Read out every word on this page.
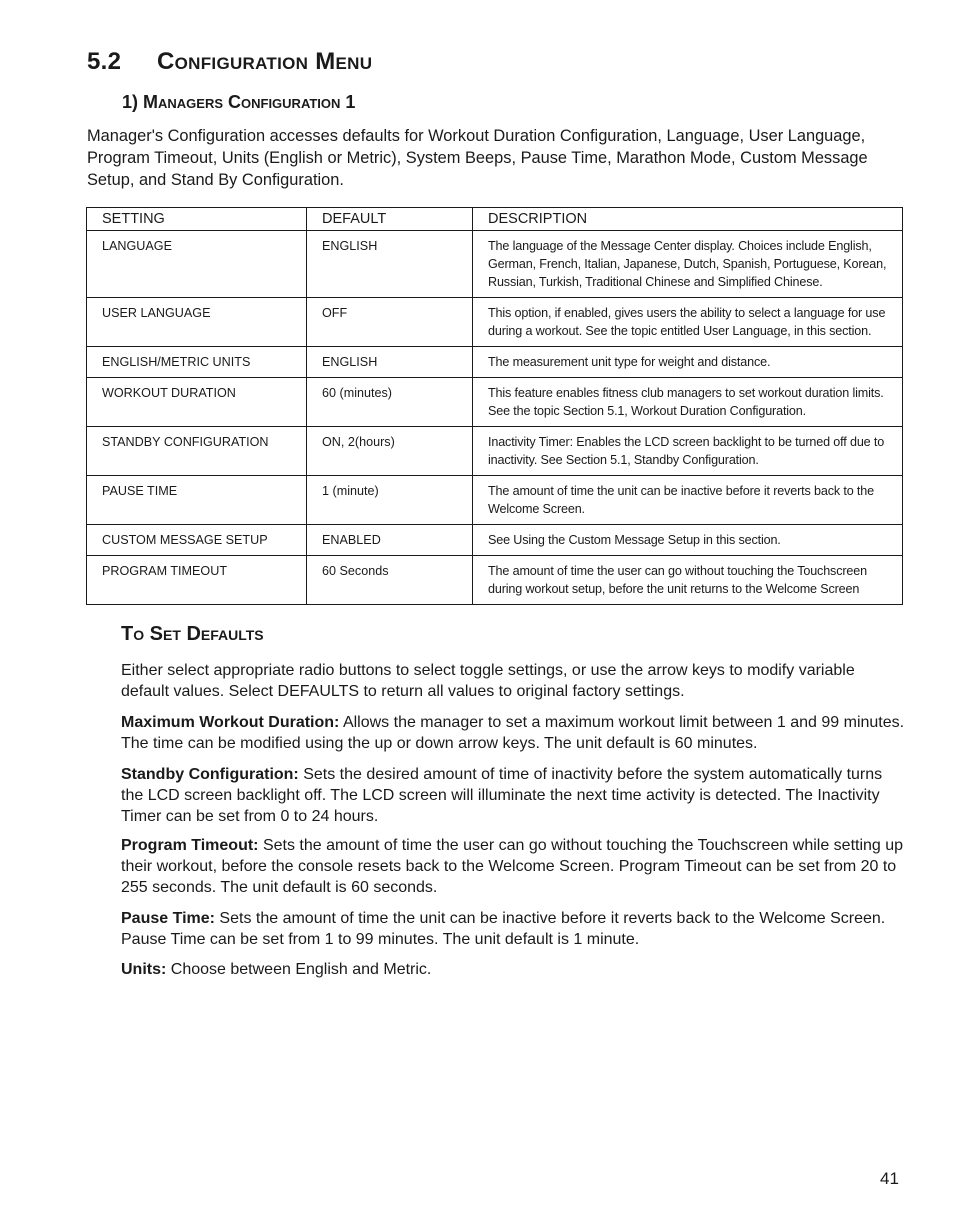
5.2 Configuration Menu
1) Managers Configuration 1

Manager's Configuration accesses defaults for Workout Duration Configuration, Language, User Language, Program Timeout, Units (English or Metric), System Beeps, Pause Time, Marathon Mode, Custom Message Setup, and Stand By Configuration.

SETTING	DEFAULT	DESCRIPTION
LANGUAGE	ENGLISH	The language of the Message Center display. Choices include English, German, French, Italian, Japanese, Dutch, Spanish, Portuguese, Korean, Russian, Turkish, Traditional Chinese and Simplified Chinese.
USER LANGUAGE	OFF	This option, if enabled, gives users the ability to select a language for use during a workout. See the topic entitled User Language, in this section.
ENGLISH/METRIC UNITS	ENGLISH	The measurement unit type for weight and distance.
WORKOUT DURATION	60 (minutes)	This feature enables fitness club managers to set workout duration limits. See the topic Section 5.1, Workout Duration Configuration.
STANDBY CONFIGURATION	ON, 2(hours)	Inactivity Timer: Enables the LCD screen backlight to be turned off due to inactivity. See Section 5.1, Standby Configuration.
PAUSE TIME	1 (minute)	The amount of time the unit can be inactive before it reverts back to the Welcome Screen.
CUSTOM MESSAGE SETUP	ENABLED	See Using the Custom Message Setup in this section.
PROGRAM TIMEOUT	60 Seconds	The amount of time the user can go without touching the Touchscreen during workout setup, before the unit returns to the Welcome Screen
To Set Defaults

Either select appropriate radio buttons to select toggle settings, or use the arrow keys to modify variable default values. Select DEFAULTS to return all values to original factory settings.

Maximum Workout Duration: Allows the manager to set a maximum workout limit between 1 and 99 minutes. The time can be modified using the up or down arrow keys. The unit default is 60 minutes.

Standby Configuration: Sets the desired amount of time of inactivity before the system automatically turns the LCD screen backlight off. The LCD screen will illuminate the next time activity is detected. The Inactivity Timer can be set from 0 to 24 hours.

Program Timeout: Sets the amount of time the user can go without touching the Touchscreen while setting up their workout, before the console resets back to the Welcome Screen. Program Timeout can be set from 20 to 255 seconds. The unit default is 60 seconds.

Pause Time: Sets the amount of time the unit can be inactive before it reverts back to the Welcome Screen. Pause Time can be set from 1 to 99 minutes. The unit default is 1 minute.

Units: Choose between English and Metric.

41
